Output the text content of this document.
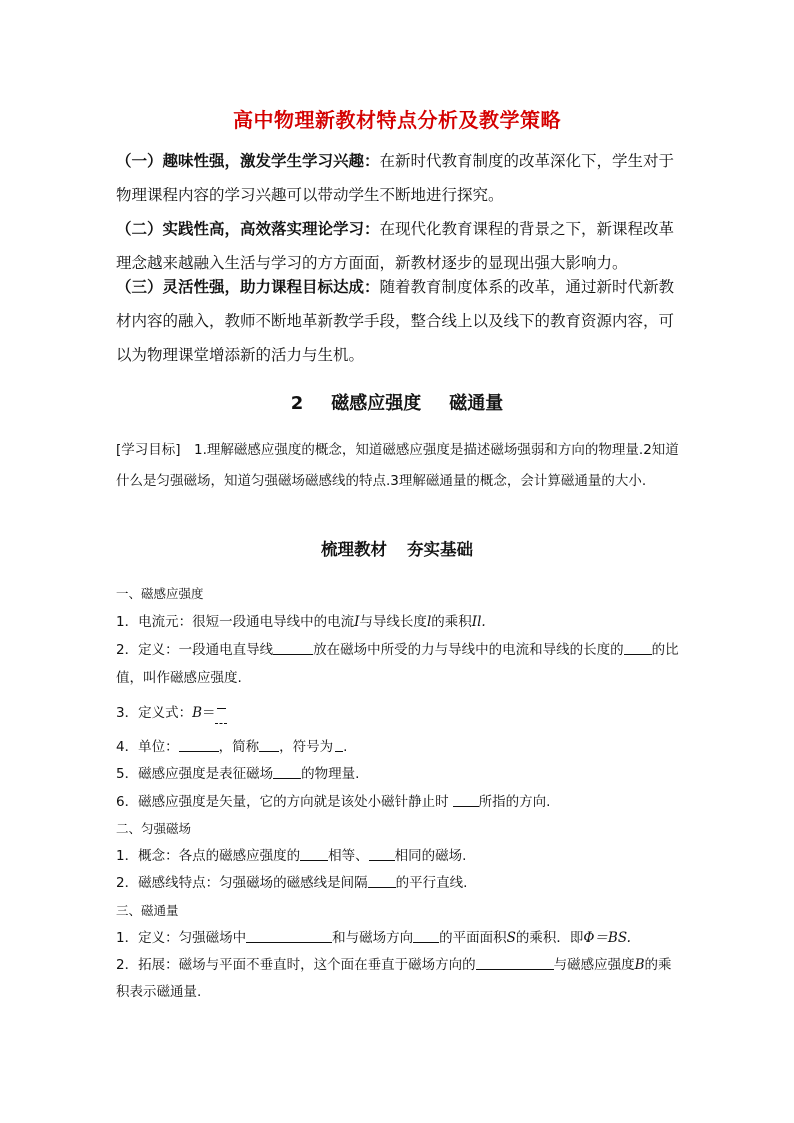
高中物理新教材特点分析及教学策略

（一）趣味性强，激发学生学习兴趣：在新时代教育制度的改革深化下，学生对于物理课程内容的学习兴趣可以带动学生不断地进行探究。

（二）实践性高，高效落实理论学习：在现代化教育课程的背景之下，新课程改革理念越来越融入生活与学习的方方面面，新教材逐步的显现出强大影响力。

（三）灵活性强，助力课程目标达成：随着教育制度体系的改革，通过新时代新教材内容的融入，教师不断地革新教学手段，整合线上以及线下的教育资源内容，可以为物理课堂增添新的活力与生机。

2 磁感应强度 磁通量

[学习目标]　1.理解磁感应强度的概念，知道磁感应强度是描述磁场强弱和方向的物理量.2知道什么是匀强磁场，知道匀强磁场磁感线的特点.3理解磁通量的概念，会计算磁通量的大小.

梳理教材 夯实基础

一、磁感应强度

1．电流元：很短一段通电导线中的电流I与导线长度l的乘积Il.

2．定义：一段通电直导线	放在磁场中所受的力与导线中的电流和导线的长度的 的比值，叫作磁感应强度.

3．定义式：B＝

4．单位：	，简称 ，符号为 .

5．磁感应强度是表征磁场 的物理量.

6．磁感应强度是矢量，它的方向就是该处小磁针静止时 所指的方向.

二、匀强磁场

1．概念：各点的磁感应强度的 相等、 相同的磁场.

2．磁感线特点：匀强磁场的磁感线是间隔 的平行直线.

三、磁通量

1．定义：匀强磁场中	和与磁场方向 的平面面积S的乘积．即Φ＝BS.

2．拓展：磁场与平面不垂直时，这个面在垂直于磁场方向的	与磁感应强度B的乘积表示磁通量.
